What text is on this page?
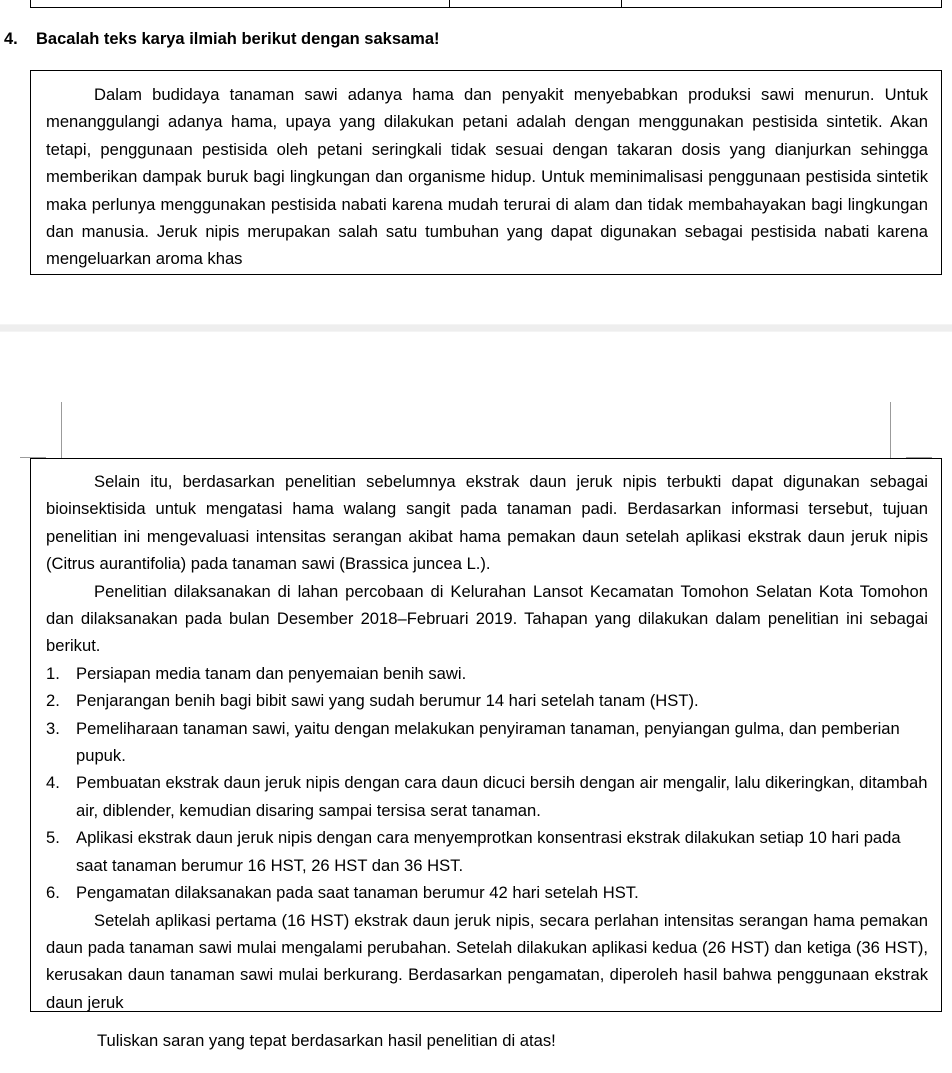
4.	Bacalah teks karya ilmiah berikut dengan saksama!

Dalam budidaya tanaman sawi adanya hama dan penyakit menyebabkan produksi sawi menurun. Untuk menanggulangi adanya hama, upaya yang dilakukan petani adalah dengan menggunakan pestisida sintetik. Akan tetapi, penggunaan pestisida oleh petani seringkali tidak sesuai dengan takaran dosis yang dianjurkan sehingga memberikan dampak buruk bagi lingkungan dan organisme hidup. Untuk meminimalisasi penggunaan pestisida sintetik maka perlunya menggunakan pestisida nabati karena mudah terurai di alam dan tidak membahayakan bagi lingkungan dan manusia. Jeruk nipis merupakan salah satu tumbuhan yang dapat digunakan sebagai pestisida nabati karena mengeluarkan aroma khas

Selain itu, berdasarkan penelitian sebelumnya ekstrak daun jeruk nipis terbukti dapat digunakan sebagai bioinsektisida untuk mengatasi hama walang sangit pada tanaman padi. Berdasarkan informasi tersebut, tujuan penelitian ini mengevaluasi intensitas serangan akibat hama pemakan daun setelah aplikasi ekstrak daun jeruk nipis (Citrus aurantifolia) pada tanaman sawi (Brassica juncea L.).

Penelitian dilaksanakan di lahan percobaan di Kelurahan Lansot Kecamatan Tomohon Selatan Kota Tomohon dan dilaksanakan pada bulan Desember 2018–Februari 2019. Tahapan yang dilakukan dalam penelitian ini sebagai berikut.

1. Persiapan media tanam dan penyemaian benih sawi.
2. Penjarangan benih bagi bibit sawi yang sudah berumur 14 hari setelah tanam (HST).
3. Pemeliharaan tanaman sawi, yaitu dengan melakukan penyiraman tanaman, penyiangan gulma, dan pemberian pupuk.
4. Pembuatan ekstrak daun jeruk nipis dengan cara daun dicuci bersih dengan air mengalir, lalu dikeringkan, ditambah air, diblender, kemudian disaring sampai tersisa serat tanaman.
5. Aplikasi ekstrak daun jeruk nipis dengan cara menyemprotkan konsentrasi ekstrak dilakukan setiap 10 hari pada saat tanaman berumur 16 HST, 26 HST dan 36 HST.
6. Pengamatan dilaksanakan pada saat tanaman berumur 42 hari setelah HST.

Setelah aplikasi pertama (16 HST) ekstrak daun jeruk nipis, secara perlahan intensitas serangan hama pemakan daun pada tanaman sawi mulai mengalami perubahan. Setelah dilakukan aplikasi kedua (26 HST) dan ketiga (36 HST), kerusakan daun tanaman sawi mulai berkurang. Berdasarkan pengamatan, diperoleh hasil bahwa penggunaan ekstrak daun jeruk

Tuliskan saran yang tepat berdasarkan hasil penelitian di atas!
